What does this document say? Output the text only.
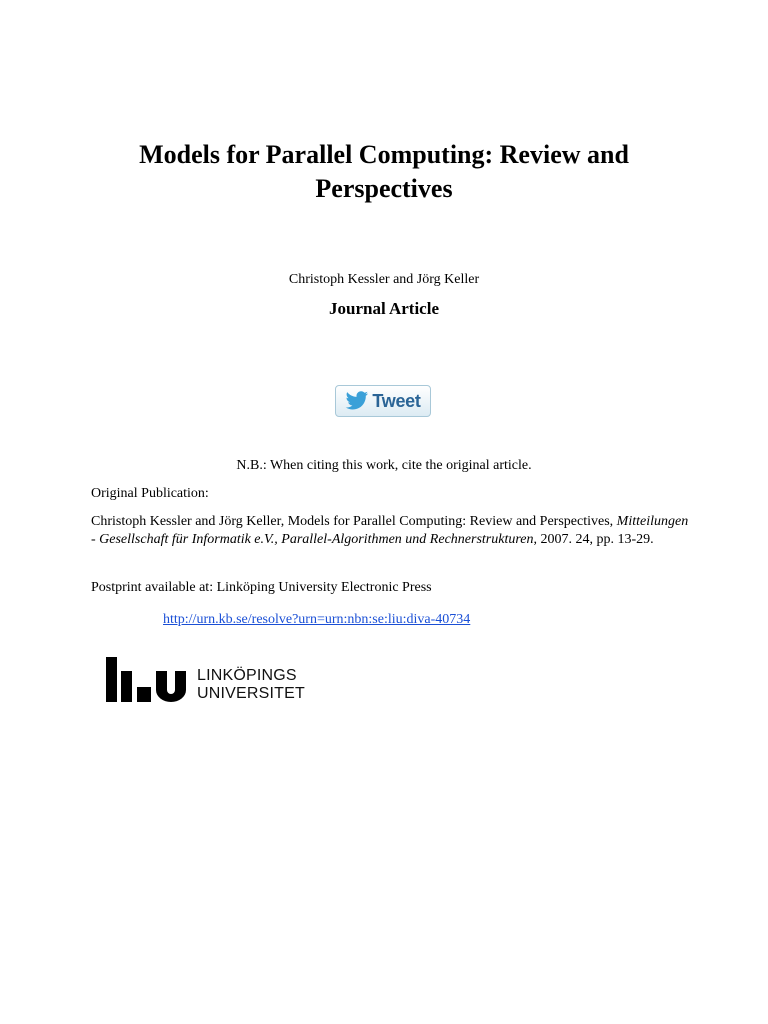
Models for Parallel Computing: Review and
Perspectives
Christoph Kessler and Jörg Keller
Journal Article
Tweet
N.B.: When citing this work, cite the original article.
Original Publication:
Christoph Kessler and Jörg Keller, Models for Parallel Computing: Review and Perspectives, Mitteilungen - Gesellschaft für Informatik e.V., Parallel-Algorithmen und Rechnerstrukturen, 2007. 24, pp. 13-29.
Postprint available at: Linköping University Electronic Press
http://urn.kb.se/resolve?urn=urn:nbn:se:liu:diva-40734
LINKÖPINGS
UNIVERSITET
